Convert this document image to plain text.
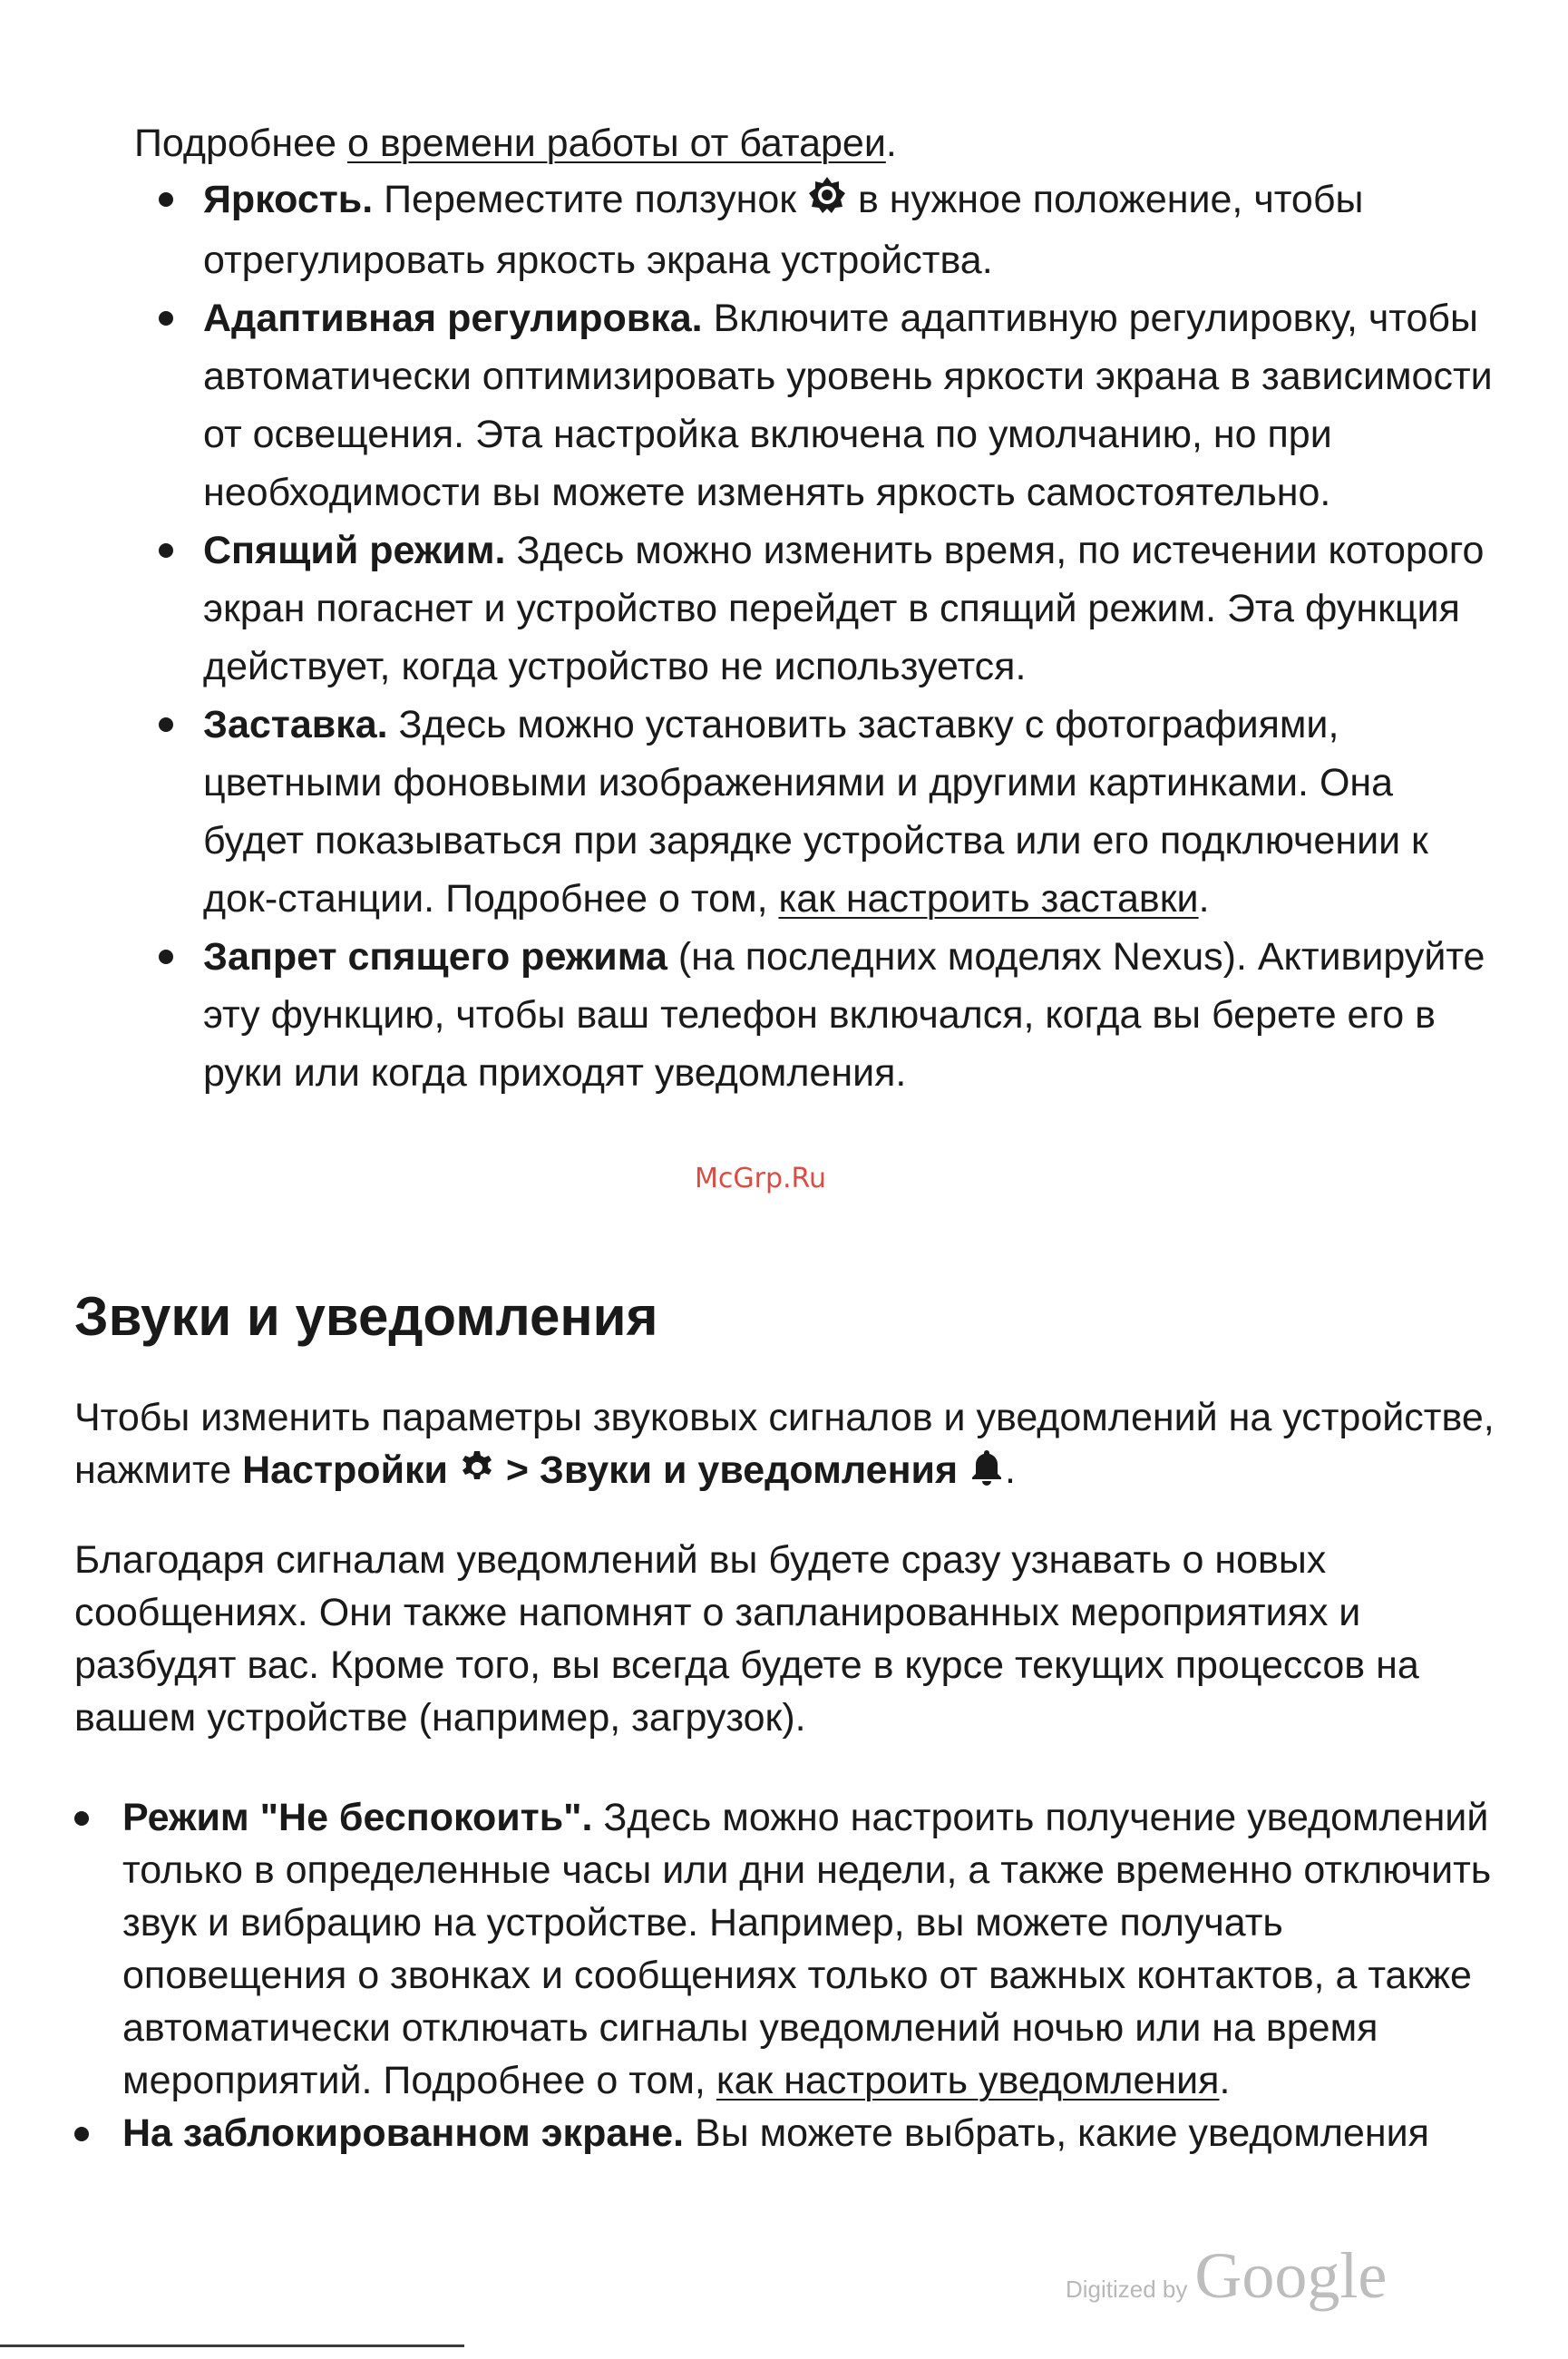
Подробнее о времени работы от батареи.

Яркость. Переместите ползунок  в нужное положение, чтобы отрегулировать яркость экрана устройства.
Адаптивная регулировка. Включите адаптивную регулировку, чтобы автоматически оптимизировать уровень яркости экрана в зависимости от освещения. Эта настройка включена по умолчанию, но при необходимости вы можете изменять яркость самостоятельно.
Спящий режим. Здесь можно изменить время, по истечении которого экран погаснет и устройство перейдет в спящий режим. Эта функция действует, когда устройство не используется.
Заставка. Здесь можно установить заставку с фотографиями, цветными фоновыми изображениями и другими картинками. Она будет показываться при зарядке устройства или его подключении к док-станции. Подробнее о том, как настроить заставки.
Запрет спящего режима (на последних моделях Nexus). Активируйте эту функцию, чтобы ваш телефон включался, когда вы берете его в руки или когда приходят уведомления.
McGrp.Ru
Звуки и уведомления

Чтобы изменить параметры звуковых сигналов и уведомлений на устройстве, нажмите Настройки  > Звуки и уведомления .

Благодаря сигналам уведомлений вы будете сразу узнавать о новых сообщениях. Они также напомнят о запланированных мероприятиях и разбудят вас. Кроме того, вы всегда будете в курсе текущих процессов на вашем устройстве (например, загрузок).

Режим "Не беспокоить". Здесь можно настроить получение уведомлений только в определенные часы или дни недели, а также временно отключить звук и вибрацию на устройстве. Например, вы можете получать оповещения о звонках и сообщениях только от важных контактов, а также автоматически отключать сигналы уведомлений ночью или на время мероприятий. Подробнее о том, как настроить уведомления.
На заблокированном экране. Вы можете выбрать, какие уведомления
Digitized by Google
